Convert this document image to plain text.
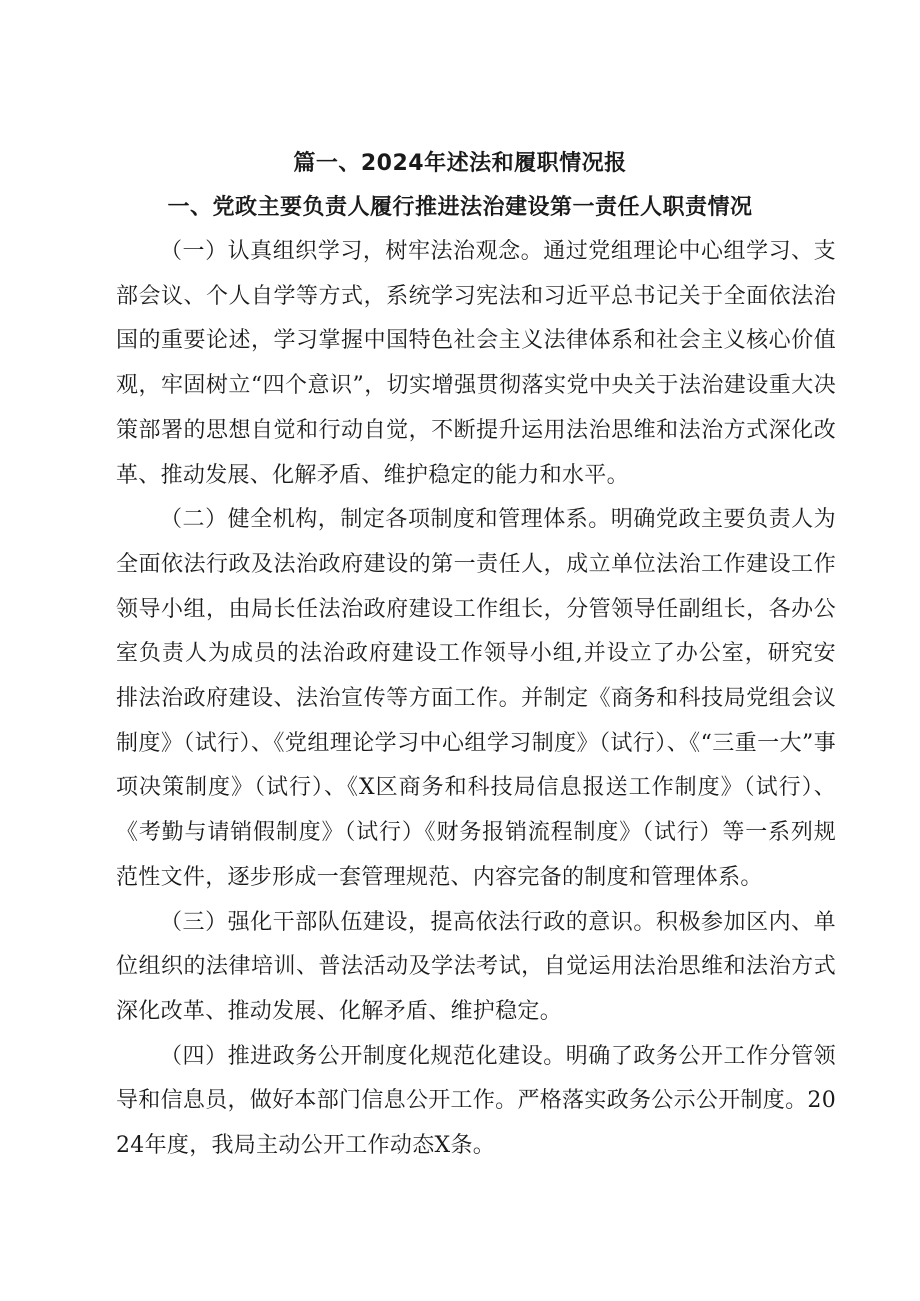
篇一、2024年述法和履职情况报
一、党政主要负责人履行推进法治建设第一责任人职责情况

（一）认真组织学习，树牢法治观念。通过党组理论中心组学习、支部会议、个人自学等方式，系统学习宪法和习近平总书记关于全面依法治国的重要论述，学习掌握中国特色社会主义法律体系和社会主义核心价值观，牢固树立“四个意识”，切实增强贯彻落实党中央关于法治建设重大决策部署的思想自觉和行动自觉，不断提升运用法治思维和法治方式深化改革、推动发展、化解矛盾、维护稳定的能力和水平。

（二）健全机构，制定各项制度和管理体系。明确党政主要负责人为全面依法行政及法治政府建设的第一责任人，成立单位法治工作建设工作领导小组，由局长任法治政府建设工作组长，分管领导任副组长，各办公室负责人为成员的法治政府建设工作领导小组,并设立了办公室，研究安排法治政府建设、法治宣传等方面工作。并制定《商务和科技局党组会议制度》（试行）、《党组理论学习中心组学习制度》（试行）、《“三重一大”事项决策制度》（试行）、《X区商务和科技局信息报送工作制度》（试行）、《考勤与请销假制度》（试行）《财务报销流程制度》（试行）等一系列规范性文件，逐步形成一套管理规范、内容完备的制度和管理体系。

（三）强化干部队伍建设，提高依法行政的意识。积极参加区内、单位组织的法律培训、普法活动及学法考试，自觉运用法治思维和法治方式深化改革、推动发展、化解矛盾、维护稳定。

（四）推进政务公开制度化规范化建设。明确了政务公开工作分管领导和信息员，做好本部门信息公开工作。严格落实政务公示公开制度。2024年度，我局主动公开工作动态X条。
